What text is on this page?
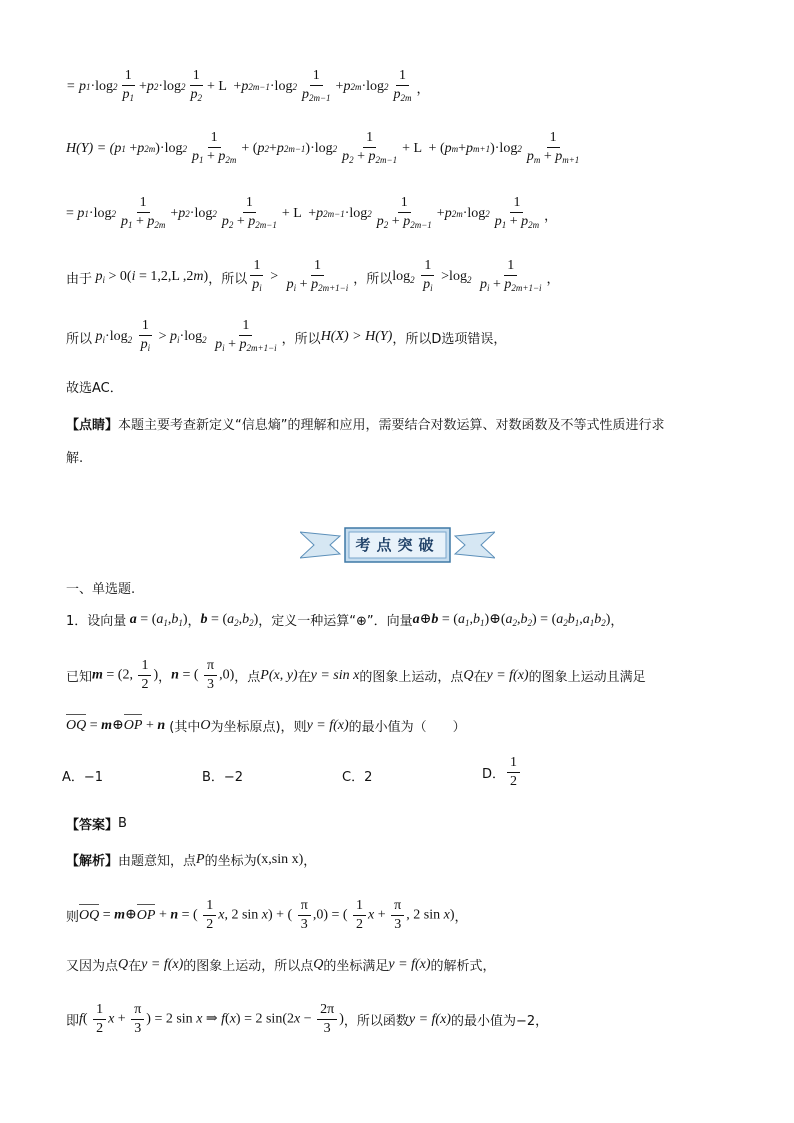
=
p 1 ·log $2 \frac{1}{p_1} + p$ 2 ·log $2 \frac{1}{p_2} + L + p$ 2m−1 ·log $2 \frac{1}{p_{2m-1}} + p$ 2m ·log $2 \frac{1}{p_{2m}}$ ，
H(Y) = (p 1
+ p 2m )·log $2 \frac{1}{p_1 + p_{2m}}$ + ( p 2 + p 2m−1 )·log $2 \frac{1}{p_2 + p_{2m-1}} + L$  + ( p m + p m+1 )·log $2 \frac{1}{p_m + p_{m+1}}$
= p 1 ·log $2 \frac{1}{p_1 + p_{2m}} + p$ 2 ·log $2 \frac{1}{p_2 + p_{2m-1}} + L + p$ 2m−1 ·log $2 \frac{1}{p_2 + p_{2m-1}} + p$ 2m ·log $2 \frac{1}{p_1 + p_{2m}}$ ，
由于 $p_i > 0(i = 1,2,L$ ,2m) ，所以 $\frac{1}{p_i} > \frac{1}{p_i + p_{2m+1-i}}$ ，所以 $\log_2 \frac{1}{p_i} >\log_2 \frac{1}{p_i + p_{2m+1-i}}$ ，
所以 $p_i\cdot\log_2 \frac{1}{p_i} > p_i\cdot\log_2 \frac{1}{p_i + p_{2m+1-i}}$ ，所以 H(X) > H(Y) ，所以D选项错误，
故选AC．
【点睛】本题主要考查新定义“信息熵”的理解和应用，需要结合对数运算、对数函数及不等式性质进行求
解.
考点突破
一、单选题.
1． 设向量 $a = (a_1,b_1)$ ， $b = (a_2,b_2)$ ，定义一种运算“⊕”．向量 a⊕b = $(a_1,b_1)\oplus(a_2,b_2) = (a_2b_1,a_1b_2)$ ，
已知 m = (2, $\frac{1}{2}$ ) ， n = ( $\frac{\pi}{3} ,0$) ，点 P(x, y) 在 y = sin x 的图象上运动，点 Q 在 y = f(x) 的图象上运动且满足
OQ = m⊕OP + n
(其中 O 为坐标原点)，则 y = f(x) 的最小值为（　　）
A．−1	B．−2	C．2	D． $\frac{1}{2}$
【答案】 B
【解析】 由题意知，点 P 的坐标为 (x,sin x) ，
则 OQ = m⊕OP + n = ( $\frac{1}{2} x$, 2 sin x) + ( $\frac{\pi}{3} ,0$) = ( $\frac{1}{2}$ $x + \frac{\pi}{3}$ , 2 sin x) ，
又因为点 Q 在 y = f(x) 的图象上运动，所以点 Q 的坐标满足 y = f(x) 的解析式，
即 $f( \frac{1}{2}$ $x + \frac{\pi}{3}$ ) = 2 sin x ⇒ f(x) = 2 $\sin(2x - \frac{2\pi}{3}$ ) ，所以函数 y = f(x) 的最小值为−2，
